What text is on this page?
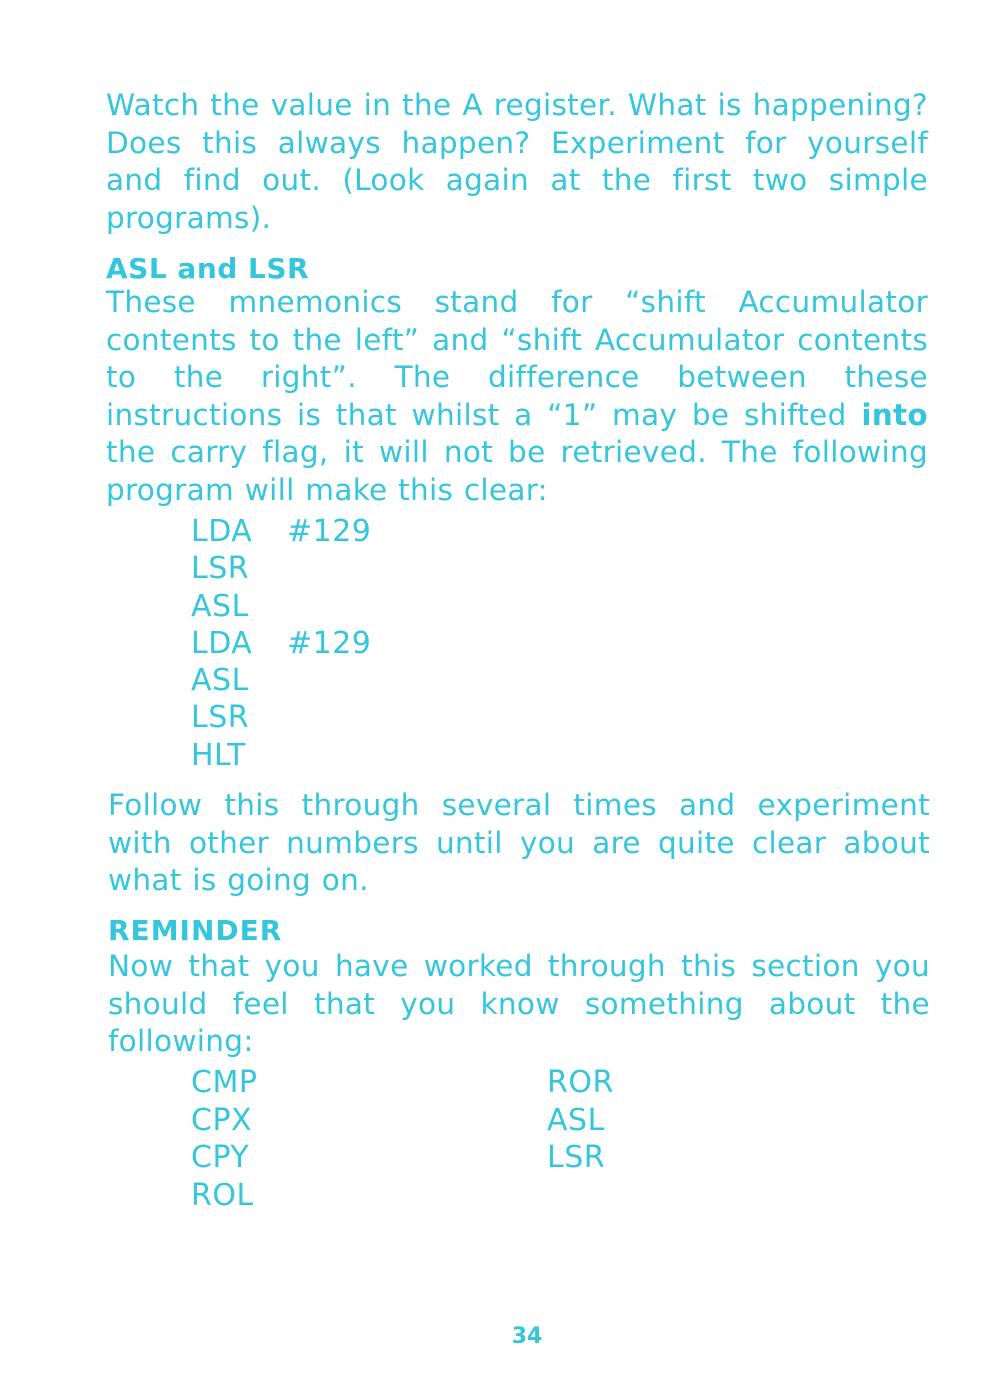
Watch the value in the A register. What is happening? Does this always happen? Experiment for yourself and find out. (Look again at the first two simple programs).

ASL and LSR

These mnemonics stand for “shift Accumulator contents to the left” and “shift Accumulator contents to the right”. The difference between these instructions is that whilst a “1” may be shifted into the carry flag, it will not be retrieved. The following program will make this clear:

LDA #129
LSR
ASL
LDA #129
ASL
LSR
HLT

Follow this through several times and experiment with other numbers until you are quite clear about what is going on.

REMINDER

Now that you have worked through this section you should feel that you know something about the following:

CMP
CPX
CPY
ROL
ROR
ASL
LSR
34
